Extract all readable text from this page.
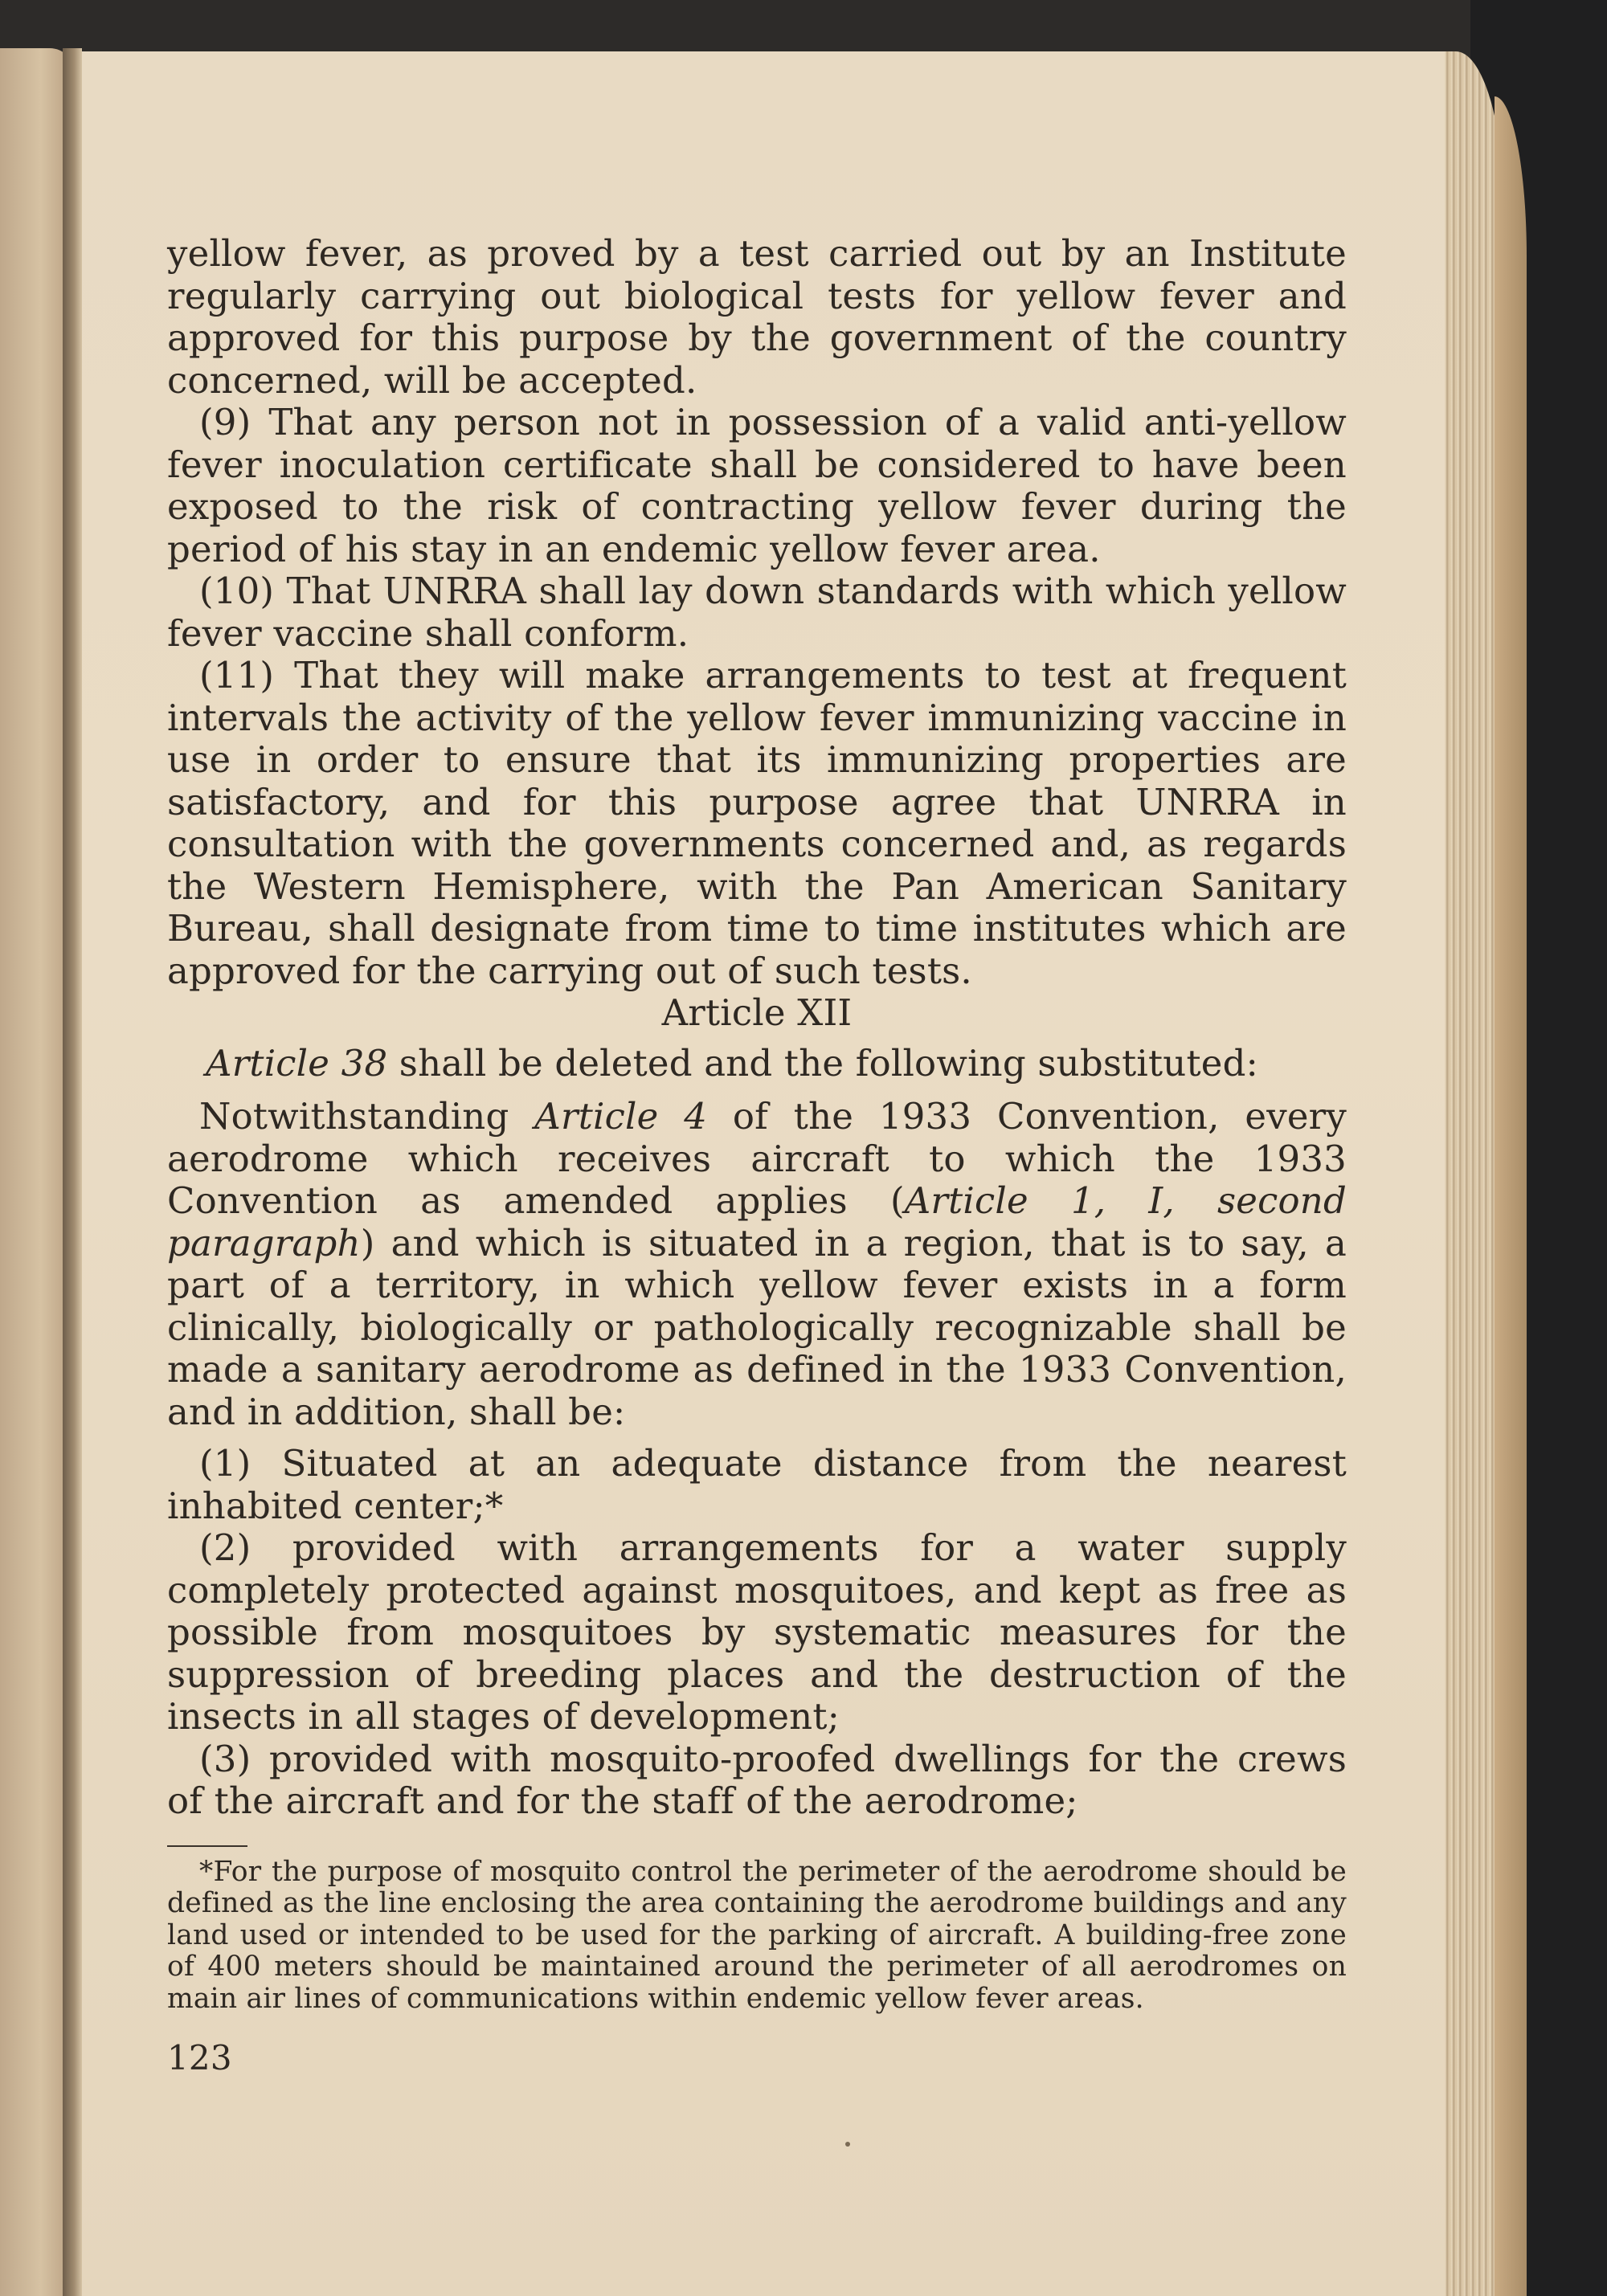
yellow fever, as proved by a test carried out by an Institute regularly carrying out biological tests for yellow fever and approved for this purpose by the government of the country concerned, will be accepted.

(9) That any person not in possession of a valid anti-yellow fever inoculation certificate shall be considered to have been exposed to the risk of contracting yellow fever during the period of his stay in an endemic yellow fever area.

(10) That UNRRA shall lay down standards with which yellow fever vaccine shall conform.

(11) That they will make arrangements to test at frequent intervals the activity of the yellow fever immunizing vaccine in use in order to ensure that its immunizing properties are satisfactory, and for this purpose agree that UNRRA in consultation with the governments concerned and, as regards the Western Hemisphere, with the Pan American Sanitary Bureau, shall designate from time to time institutes which are approved for the carrying out of such tests.

Article XII

Article 38 shall be deleted and the following substituted:

Notwithstanding Article 4 of the 1933 Convention, every aerodrome which receives aircraft to which the 1933 Convention as amended applies (Article 1, I, second paragraph) and which is situated in a region, that is to say, a part of a territory, in which yellow fever exists in a form clinically, biologically or pathologically recognizable shall be made a sanitary aerodrome as defined in the 1933 Convention, and in addition, shall be:

(1) Situated at an adequate distance from the nearest inhabited center;*

(2) provided with arrangements for a water supply completely protected against mosquitoes, and kept as free as possible from mosquitoes by systematic measures for the suppression of breeding places and the destruction of the insects in all stages of development;

(3) provided with mosquito-proofed dwellings for the crews of the aircraft and for the staff of the aerodrome;

*For the purpose of mosquito control the perimeter of the aerodrome should be defined as the line enclosing the area containing the aerodrome buildings and any land used or intended to be used for the parking of aircraft. A building-free zone of 400 meters should be maintained around the perimeter of all aerodromes on main air lines of communications within endemic yellow fever areas.

123
